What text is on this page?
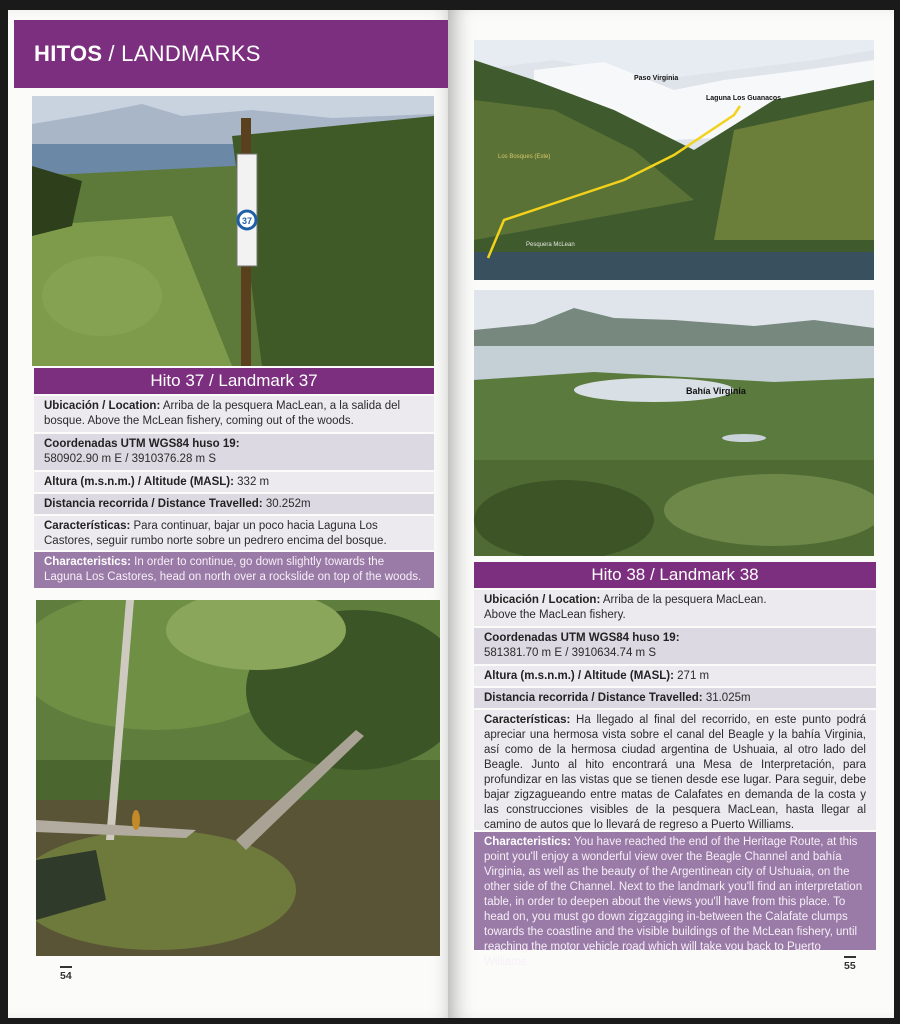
HITOS / LANDMARKS
37
Hito 37 / Landmark 37
Ubicación / Location: Arriba de la pesquera MacLean, a la salida del bosque. Above the McLean fishery, coming out of the woods.
Coordenadas UTM WGS84 huso 19:
580902.90 m E / 3910376.28 m S
Altura (m.s.n.m.) / Altitude (MASL): 332 m
Distancia recorrida / Distance Travelled: 30.252m
Características: Para continuar, bajar un poco hacia Laguna Los Castores, seguir rumbo norte sobre un pedrero encima del bosque.
Characteristics: In order to continue, go down slightly towards the Laguna Los Castores, head on north over a rockslide on top of the woods.
54
Paso Virginia
Laguna Los Guanacos
Los Bosques (Este)
Pesquera McLean
Bahía Virginia
Hito 38 / Landmark 38
Ubicación / Location: Arriba de la pesquera MacLean.
Above the MacLean fishery.
Coordenadas UTM WGS84 huso 19:
581381.70 m E / 3910634.74 m S
Altura (m.s.n.m.) / Altitude (MASL): 271 m
Distancia recorrida / Distance Travelled: 31.025m
Características: Ha llegado al final del recorrido, en este punto podrá apreciar una hermosa vista sobre el canal del Beagle y la bahía Virginia, así como de la hermosa ciudad argentina de Ushuaia, al otro lado del Beagle. Junto al hito encontrará una Mesa de Interpretación, para profundizar en las vistas que se tienen desde ese lugar. Para seguir, debe bajar zigzagueando entre matas de Calafates en demanda de la costa y las construcciones visibles de la pesquera MacLean, hasta llegar al camino de autos que lo llevará de regreso a Puerto Williams.
Characteristics: You have reached the end of the Heritage Route, at this point you'll enjoy a wonderful view over the Beagle Channel and bahía Virginia, as well as the beauty of the Argentinean city of Ushuaia, on the other side of the Channel. Next to the landmark you'll find an interpretation table, in order to deepen about the views you'll have from this place. To head on, you must go down zigzagging in-between the Calafate clumps towards the coastline and the visible buildings of the McLean fishery, until reaching the motor vehicle road which will take you back to Puerto Williams.	55
